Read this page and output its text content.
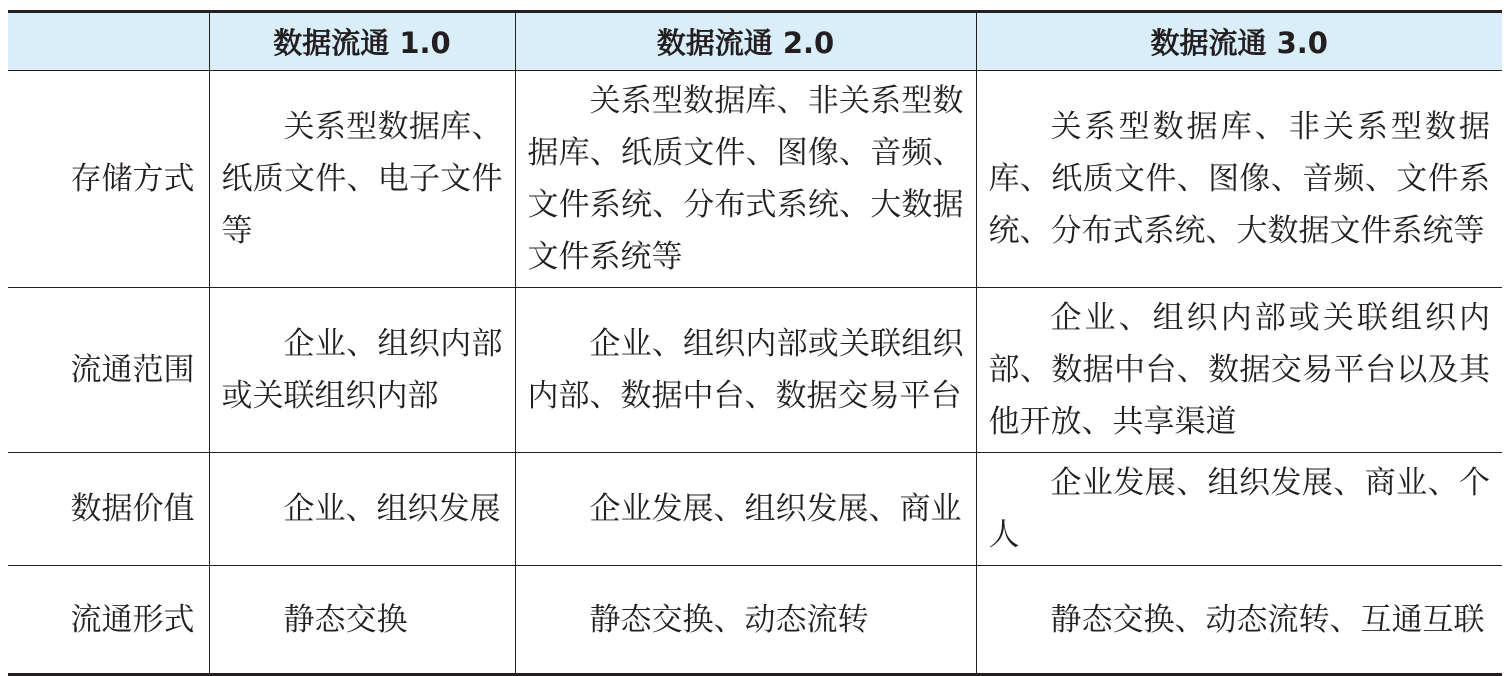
	数据流通 1.0	数据流通 2.0	数据流通 3.0
存储方式	关系型数据库、纸质文件、电子文件等	关系型数据库、非关系型数据库、纸质文件、图像、音频、文件系统、分布式系统、大数据文件系统等	关系型数据库、非关系型数据库、纸质文件、图像、音频、文件系统、分布式系统、大数据文件系统等
流通范围	企业、组织内部或关联组织内部	企业、组织内部或关联组织内部、数据中台、数据交易平台	企业、组织内部或关联组织内部、数据中台、数据交易平台以及其他开放、共享渠道
数据价值	企业、组织发展	企业发展、组织发展、商业	企业发展、组织发展、商业、个人
流通形式	静态交换	静态交换、动态流转	静态交换、动态流转、互通互联
